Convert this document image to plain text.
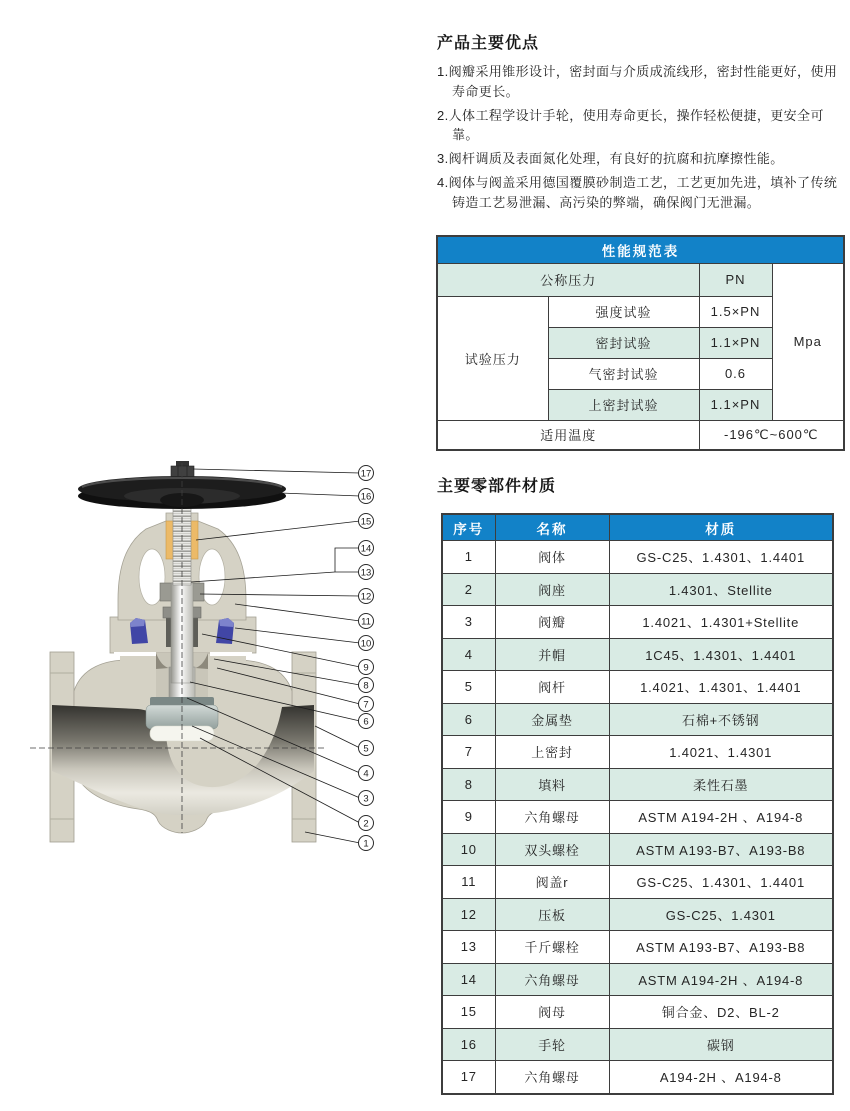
产品主要优点

1.阀瓣采用锥形设计，密封面与介质成流线形，密封性能更好，使用寿命更长。

2.人体工程学设计手轮，使用寿命更长，操作轻松便捷，更安全可靠。

3.阀杆调质及表面氮化处理，有良好的抗腐和抗摩擦性能。

4.阀体与阀盖采用德国覆膜砂制造工艺，工艺更加先进，填补了传统铸造工艺易泄漏、高污染的弊端，确保阀门无泄漏。

性能规范表			
公称压力		PN	Mpa
试验压力	强度试验	1.5×PN	
	密封试验	1.1×PN	
	气密封试验	0.6	
	上密封试验	1.1×PN	
适用温度		-196℃~600℃	
主要零部件材质
序号	名称	材质
1	阀体	GS-C25、1.4301、1.4401
2	阀座	1.4301、Stellite
3	阀瓣	1.4021、1.4301+Stellite
4	并帽	1C45、1.4301、1.4401
5	阀杆	1.4021、1.4301、1.4401
6	金属垫	石棉+不锈钢
7	上密封	1.4021、1.4301
8	填料	柔性石墨
9	六角螺母	ASTM A194-2H 、A194-8
10	双头螺栓	ASTM A193-B7、A193-B8
11	阀盖r	GS-C25、1.4301、1.4401
12	压板	GS-C25、1.4301
13	千斤螺栓	ASTM A193-B7、A193-B8
14	六角螺母	ASTM A194-2H 、A194-8
15	阀母	铜合金、D2、BL-2
16	手轮	碳钢
17	六角螺母	A194-2H 、A194-8
17
16
15
14
13
12
11
10
9
8
7
6
5
4
3
2
1
